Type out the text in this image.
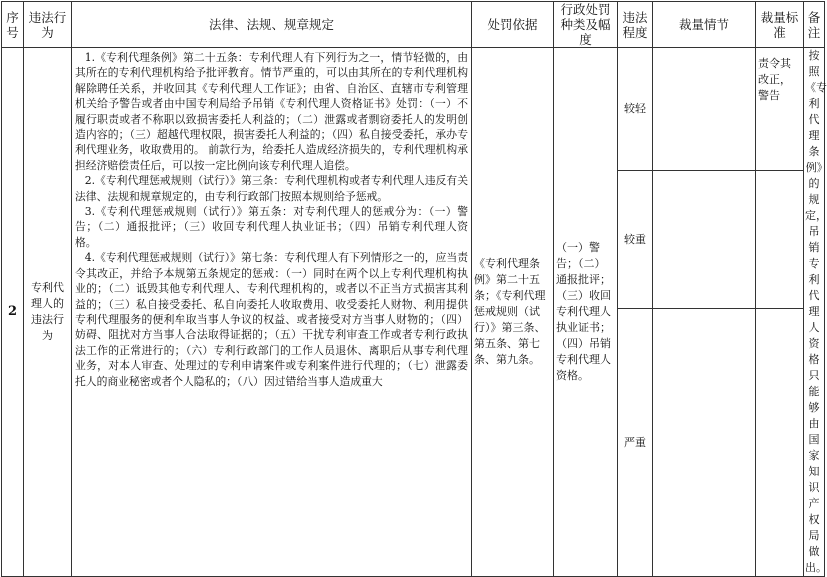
序号	违法行为	法律、法规、规章规定	处罚依据	行政处罚种类及幅度	违法程度	裁量情节	裁量标准	备注
2	专利代理人的违法行为	1.《专利代理条例》第二十五条：专利代理人有下列行为之一，情节轻微的，由其所在的专利代理机构给予批评教育。情节严重的，可以由其所在的专利代理机构解除聘任关系，并收回其《专利代理人工作证》；由省、自治区、直辖市专利管理机关给予警告或者由中国专利局给予吊销《专利代理人资格证书》处罚：（一）不履行职责或者不称职以致损害委托人利益的；（二）泄露或者剽窃委托人的发明创造内容的；（三）超越代理权限，损害委托人利益的；（四）私自接受委托，承办专利代理业务，收取费用的。 前款行为，给委托人造成经济损失的，专利代理机构承担经济赔偿责任后，可以按一定比例向该专利代理人追偿。

2.《专利代理惩戒规则（试行）》第三条：专利代理机构或者专利代理人违反有关法律、法规和规章规定的，由专利行政部门按照本规则给予惩戒。

3.《专利代理惩戒规则（试行）》第五条：对专利代理人的惩戒分为：（一）警告；（二）通报批评；（三）收回专利代理人执业证书；（四）吊销专利代理人资格。

4.《专利代理惩戒规则（试行）》第七条：专利代理人有下列情形之一的，应当责令其改正，并给予本规第五条规定的惩戒：（一）同时在两个以上专利代理机构执业的；（二）诋毁其他专利代理人、专利代理机构的，或者以不正当方式损害其利益的；（三）私自接受委托、私自向委托人收取费用、收受委托人财物、利用提供专利代理服务的便利牟取当事人争议的权益、或者接受对方当事人财物的；（四）妨碍、阻扰对方当事人合法取得证据的；（五）干扰专利审查工作或者专利行政执法工作的正常进行的；（六）专利行政部门的工作人员退休、离职后从事专利代理业务，对本人审查、处理过的专利申请案件或专利案件进行代理的；（七）泄露委托人的商业秘密或者个人隐私的；（八）因过错给当事人造成重大	《专利代理条例》第二十五条；《专利代理惩戒规则（试行）》第三条、第五条、第七条、第九条。	（一）警告；（二）通报批评；（三）收回专利代理人执业证书；（四）吊销专利代理人资格。	较轻		责令其改正，警告	按照《专利代理条例》的规定，吊销专利代理人资格只能够由国家知识产权局做出。
					较重			
					严重			
